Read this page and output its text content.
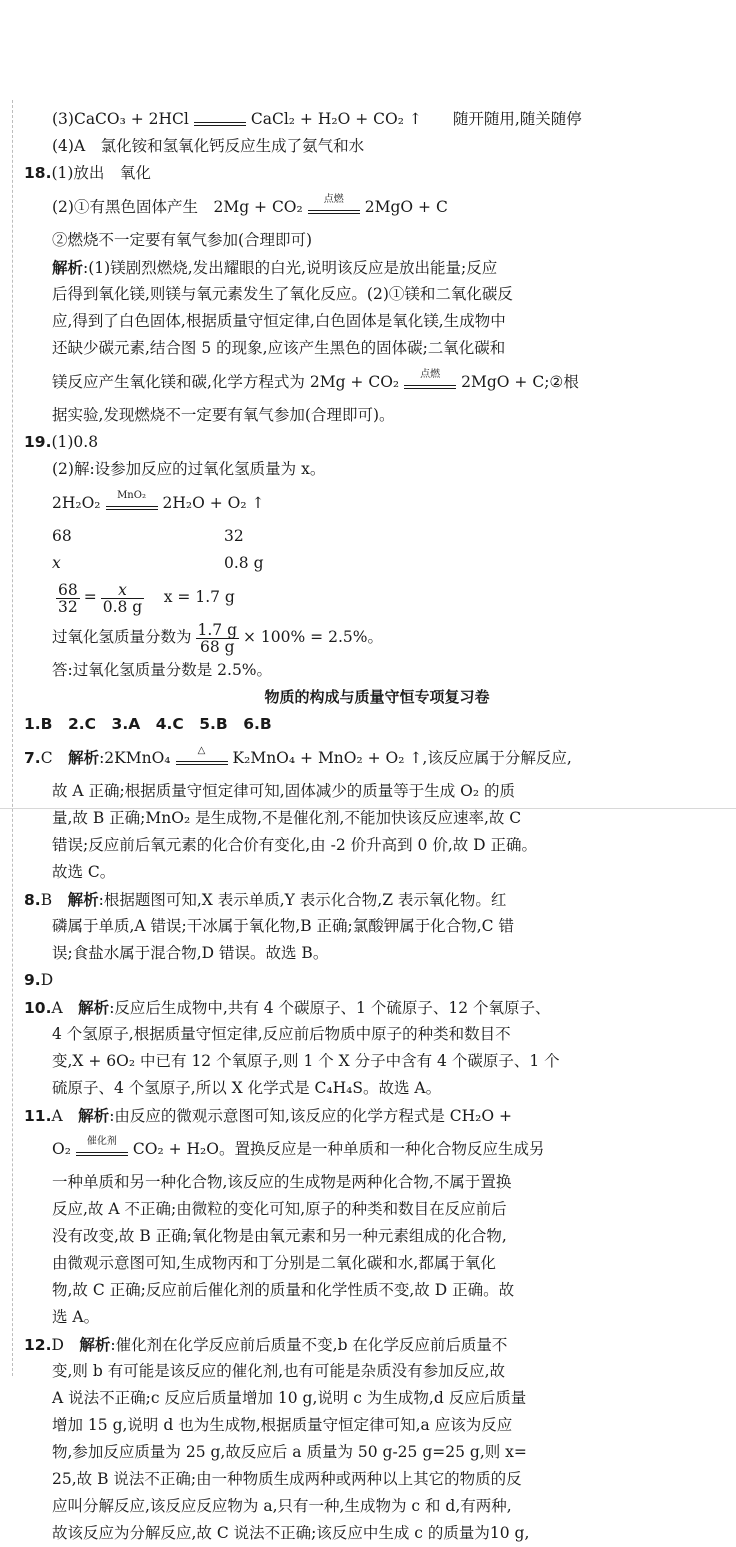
(3)CaCO₃ + 2HCl	CaCl₂ + H₂O + CO₂ ↑　　 随开随用,随关随停
(4)A　氯化铵和氢氧化钙反应生成了氨气和水
18.(1)放出　氧化
(2)①有黑色固体产生　2Mg + CO₂	点燃	2MgO + C
②燃烧不一定要有氧气参加(合理即可)
解析:(1)镁剧烈燃烧,发出耀眼的白光,说明该反应是放出能量;反应
后得到氧化镁,则镁与氧元素发生了氧化反应。(2)①镁和二氧化碳反
应,得到了白色固体,根据质量守恒定律,白色固体是氧化镁,生成物中
还缺少碳元素,结合图 5 的现象,应该产生黑色的固体碳;二氧化碳和
镁反应产生氧化镁和碳,化学方程式为 2Mg + CO₂	点燃	2MgO + C;②根
据实验,发现燃烧不一定要有氧气参加(合理即可)。
19.(1)0.8
(2)解:设参加反应的过氧化氢质量为 x。
2H₂O₂	MnO₂	2H₂O + O₂ ↑
68	32
x	0.8 g
$\frac{68}{32} = \frac{x}{0.8 g}$
　 x = 1.7 g
过氧化氢质量分数为 $\frac{1.7 g}{68 g} \times 100\% = 2.5\%$。
答:过氧化氢质量分数是 2.5%。
物质的构成与质量守恒专项复习卷
1.B　2.C　3.A　4.C　5.B　6.B
7.C　解析:2KMnO₄	△	K₂MnO₄ + MnO₂ + O₂ ↑,该反应属于分解反应,
故 A 正确;根据质量守恒定律可知,固体减少的质量等于生成 O₂ 的质
量,故 B 正确;MnO₂ 是生成物,不是催化剂,不能加快该反应速率,故 C
错误;反应前后氧元素的化合价有变化,由 -2 价升高到 0 价,故 D 正确。
故选 C。
8.B　解析:根据题图可知,X 表示单质,Y 表示化合物,Z 表示氧化物。红
磷属于单质,A 错误;干冰属于氧化物,B 正确;氯酸钾属于化合物,C 错
误;食盐水属于混合物,D 错误。故选 B。
9.D
10.A　解析:反应后生成物中,共有 4 个碳原子、1 个硫原子、12 个氧原子、
4 个氢原子,根据质量守恒定律,反应前后物质中原子的种类和数目不
变,X + 6O₂ 中已有 12 个氧原子,则 1 个 X 分子中含有 4 个碳原子、1 个
硫原子、4 个氢原子,所以 X 化学式是 C₄H₄S。故选 A。
11.A　解析:由反应的微观示意图可知,该反应的化学方程式是 CH₂O +
O₂	催化剂	CO₂ + H₂O。置换反应是一种单质和一种化合物反应生成另
一种单质和另一种化合物,该反应的生成物是两种化合物,不属于置换
反应,故 A 不正确;由微粒的变化可知,原子的种类和数目在反应前后
没有改变,故 B 正确;氧化物是由氧元素和另一种元素组成的化合物,
由微观示意图可知,生成物丙和丁分别是二氧化碳和水,都属于氧化
物,故 C 正确;反应前后催化剂的质量和化学性质不变,故 D 正确。故
选 A。
12.D　解析:催化剂在化学反应前后质量不变,b 在化学反应前后质量不
变,则 b 有可能是该反应的催化剂,也有可能是杂质没有参加反应,故
A 说法不正确;c 反应后质量增加 10 g,说明 c 为生成物,d 反应后质量
增加 15 g,说明 d 也为生成物,根据质量守恒定律可知,a 应该为反应
物,参加反应质量为 25 g,故反应后 a 质量为 50 g-25 g=25 g,则 x=
25,故 B 说法不正确;由一种物质生成两种或两种以上其它的物质的反
应叫分解反应,该反应反应物为 a,只有一种,生成物为 c 和 d,有两种,
故该反应为分解反应,故 C 说法不正确;该反应中生成 c 的质量为10 g,
